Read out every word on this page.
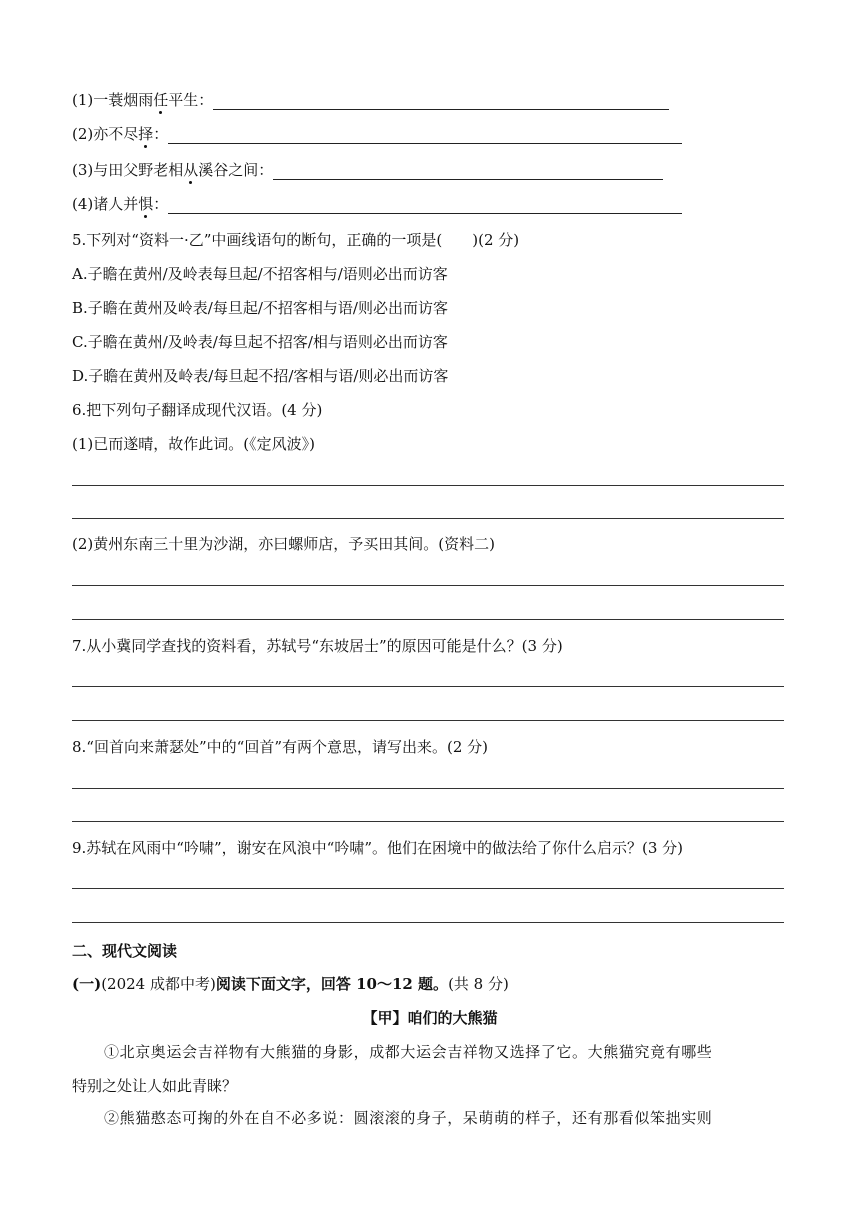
(1)一蓑烟雨任平生：
(2)亦不尽择：
(3)与田父野老相从溪谷之间：
(4)诸人并惧：
5.下列对“资料一·乙”中画线语句的断句，正确的一项是(　　)(2 分)
A.子瞻在黄州/及岭表每旦起/不招客相与/语则必出而访客
B.子瞻在黄州及岭表/每旦起/不招客相与语/则必出而访客
C.子瞻在黄州/及岭表/每旦起不招客/相与语则必出而访客
D.子瞻在黄州及岭表/每旦起不招/客相与语/则必出而访客
6.把下列句子翻译成现代汉语。(4 分)
(1)已而遂晴，故作此词。(《定风波》)
(2)黄州东南三十里为沙湖，亦曰螺师店，予买田其间。(资料二)
7.从小冀同学查找的资料看，苏轼号“东坡居士”的原因可能是什么？(3 分)
8.“回首向来萧瑟处”中的“回首”有两个意思，请写出来。(2 分)
9.苏轼在风雨中“吟啸”，谢安在风浪中“吟啸”。他们在困境中的做法给了你什么启示？(3 分)
二、现代文阅读
(一)(2024 成都中考)阅读下面文字，回答 10～12 题。(共 8 分)
【甲】咱们的大熊猫
①北京奥运会吉祥物有大熊猫的身影，成都大运会吉祥物又选择了它。大熊猫究竟有哪些
特别之处让人如此青睐？
②熊猫憨态可掬的外在自不必多说：圆滚滚的身子，呆萌萌的样子，还有那看似笨拙实则
